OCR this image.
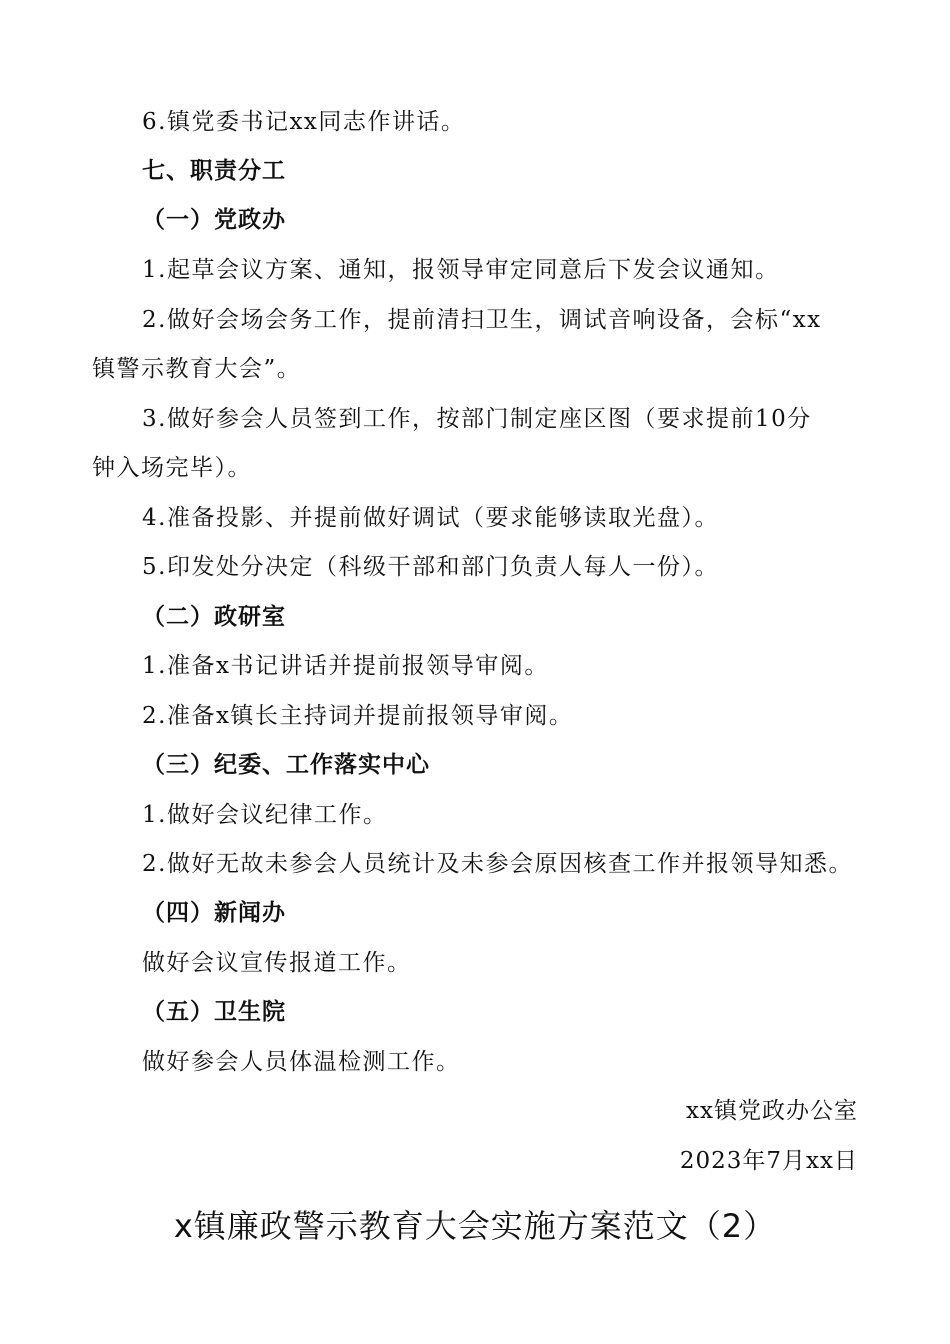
6.镇党委书记xx同志作讲话。
七、职责分工
（一）党政办
1.起草会议方案、通知，报领导审定同意后下发会议通知。
2.做好会场会务工作，提前清扫卫生，调试音响设备，会标“xx
镇警示教育大会”。
3.做好参会人员签到工作，按部门制定座区图（要求提前10分
钟入场完毕）。
4.准备投影、并提前做好调试（要求能够读取光盘）。
5.印发处分决定（科级干部和部门负责人每人一份）。
（二）政研室
1.准备x书记讲话并提前报领导审阅。
2.准备x镇长主持词并提前报领导审阅。
（三）纪委、工作落实中心
1.做好会议纪律工作。
2.做好无故未参会人员统计及未参会原因核查工作并报领导知悉。
（四）新闻办
做好会议宣传报道工作。
（五）卫生院
做好参会人员体温检测工作。
xx镇党政办公室
2023年7月xx日
x镇廉政警示教育大会实施方案范文（2）
